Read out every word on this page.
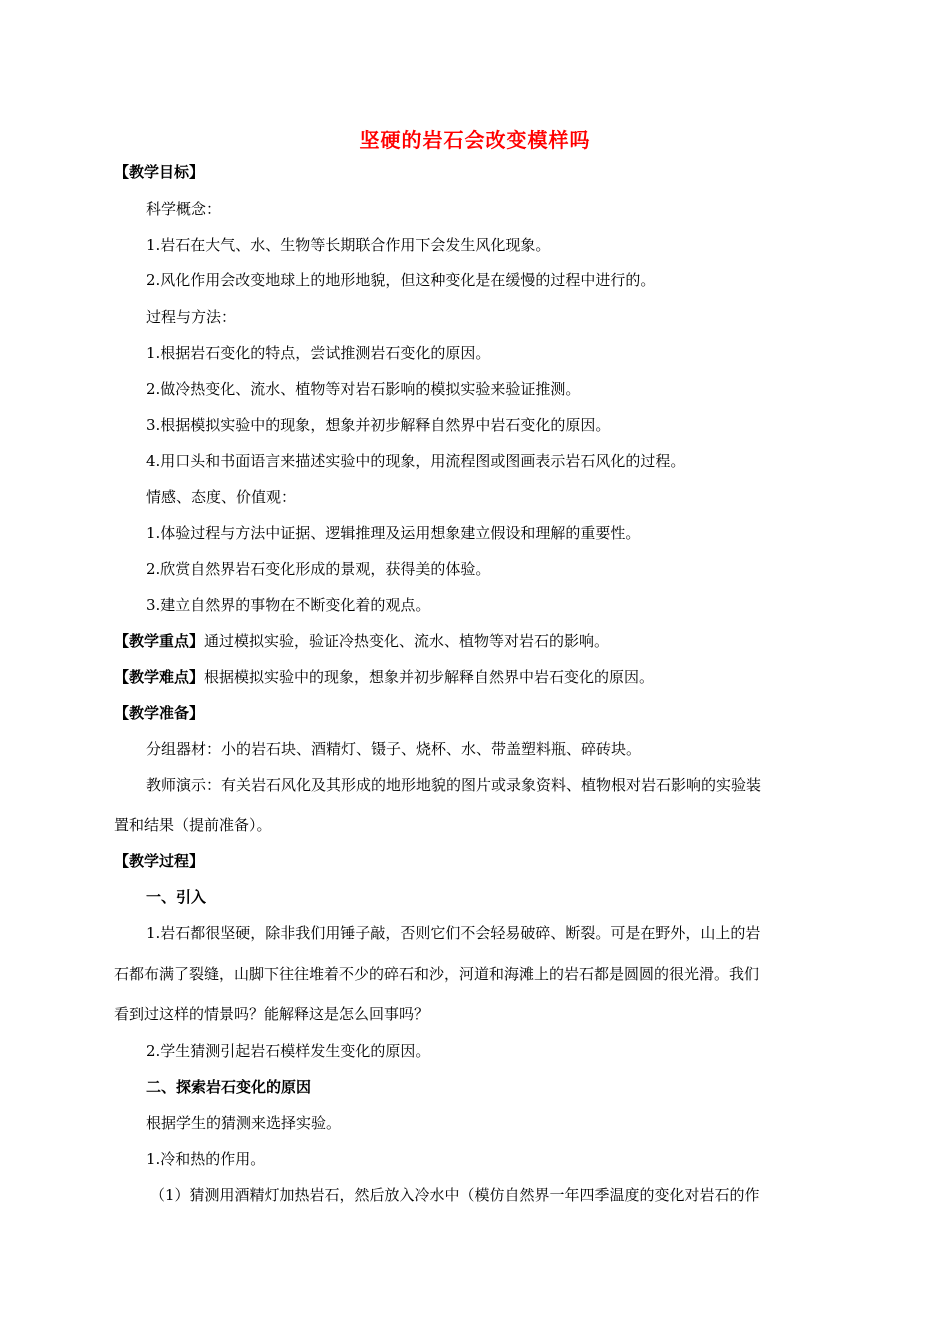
坚硬的岩石会改变模样吗
【教学目标】
科学概念：
1.岩石在大气、水、生物等长期联合作用下会发生风化现象。
2.风化作用会改变地球上的地形地貌，但这种变化是在缓慢的过程中进行的。
过程与方法：
1.根据岩石变化的特点，尝试推测岩石变化的原因。
2.做冷热变化、流水、植物等对岩石影响的模拟实验来验证推测。
3.根据模拟实验中的现象，想象并初步解释自然界中岩石变化的原因。
4.用口头和书面语言来描述实验中的现象，用流程图或图画表示岩石风化的过程。
情感、态度、价值观：
1.体验过程与方法中证据、逻辑推理及运用想象建立假设和理解的重要性。
2.欣赏自然界岩石变化形成的景观，获得美的体验。
3.建立自然界的事物在不断变化着的观点。
【教学重点】通过模拟实验，验证冷热变化、流水、植物等对岩石的影响。
【教学难点】根据模拟实验中的现象，想象并初步解释自然界中岩石变化的原因。
【教学准备】
分组器材：小的岩石块、酒精灯、镊子、烧杯、水、带盖塑料瓶、碎砖块。
教师演示：有关岩石风化及其形成的地形地貌的图片或录象资料、植物根对岩石影响的实验装
置和结果（提前准备）。
【教学过程】
一、引入
1.岩石都很坚硬，除非我们用锤子敲，否则它们不会轻易破碎、断裂。可是在野外，山上的岩
石都布满了裂缝，山脚下往往堆着不少的碎石和沙，河道和海滩上的岩石都是圆圆的很光滑。我们
看到过这样的情景吗？能解释这是怎么回事吗？
2.学生猜测引起岩石模样发生变化的原因。
二、探索岩石变化的原因
根据学生的猜测来选择实验。
1.冷和热的作用。
（1）猜测用酒精灯加热岩石，然后放入冷水中（模仿自然界一年四季温度的变化对岩石的作
